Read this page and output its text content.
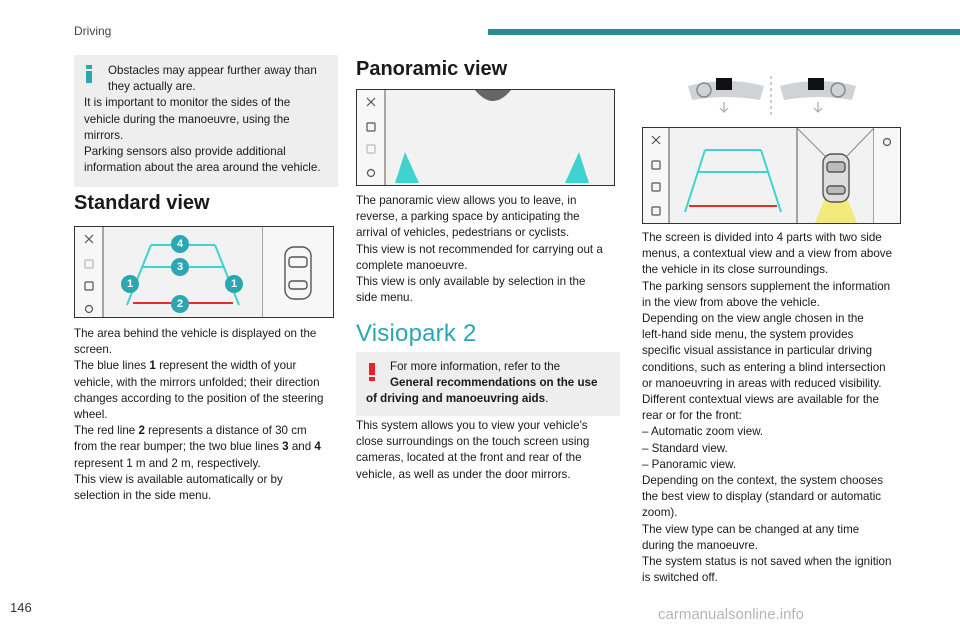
Driving

Obstacles may appear further away than

they actually are.

It is important to monitor the sides of the

vehicle during the manoeuvre, using the

mirrors.

Parking sensors also provide additional

information about the area around the vehicle.

Standard view
4
3
1	1
2

The area behind the vehicle is displayed on the

screen.

The blue lines 1 represent the width of your

vehicle, with the mirrors unfolded; their direction

changes according to the position of the steering

wheel.

The red line 2 represents a distance of 30 cm

from the rear bumper; the two blue lines 3 and 4

represent 1 m and 2 m, respectively.

This view is available automatically or by

selection in the side menu.

Panoramic view

The panoramic view allows you to leave, in

reverse, a parking space by anticipating the

arrival of vehicles, pedestrians or cyclists.

This view is not recommended for carrying out a

complete manoeuvre.

This view is only available by selection in the

side menu.

Visiopark 2

For more information, refer to the

General recommendations on the use

of driving and manoeuvring aids.

This system allows you to view your vehicle's

close surroundings on the touch screen using

cameras, located at the front and rear of the

vehicle, as well as under the door mirrors.

The screen is divided into 4 parts with two side

menus, a contextual view and a view from above

the vehicle in its close surroundings.

The parking sensors supplement the information

in the view from above the vehicle.

Depending on the view angle chosen in the

left-hand side menu, the system provides

specific visual assistance in particular driving

conditions, such as entering a blind intersection

or manoeuvring in areas with reduced visibility.

Different contextual views are available for the

rear or for the front:

– Automatic zoom view.

– Standard view.

– Panoramic view.

Depending on the context, the system chooses

the best view to display (standard or automatic

zoom).

The view type can be changed at any time

during the manoeuvre.

The system status is not saved when the ignition

is switched off.

146	carmanualsonline.info
